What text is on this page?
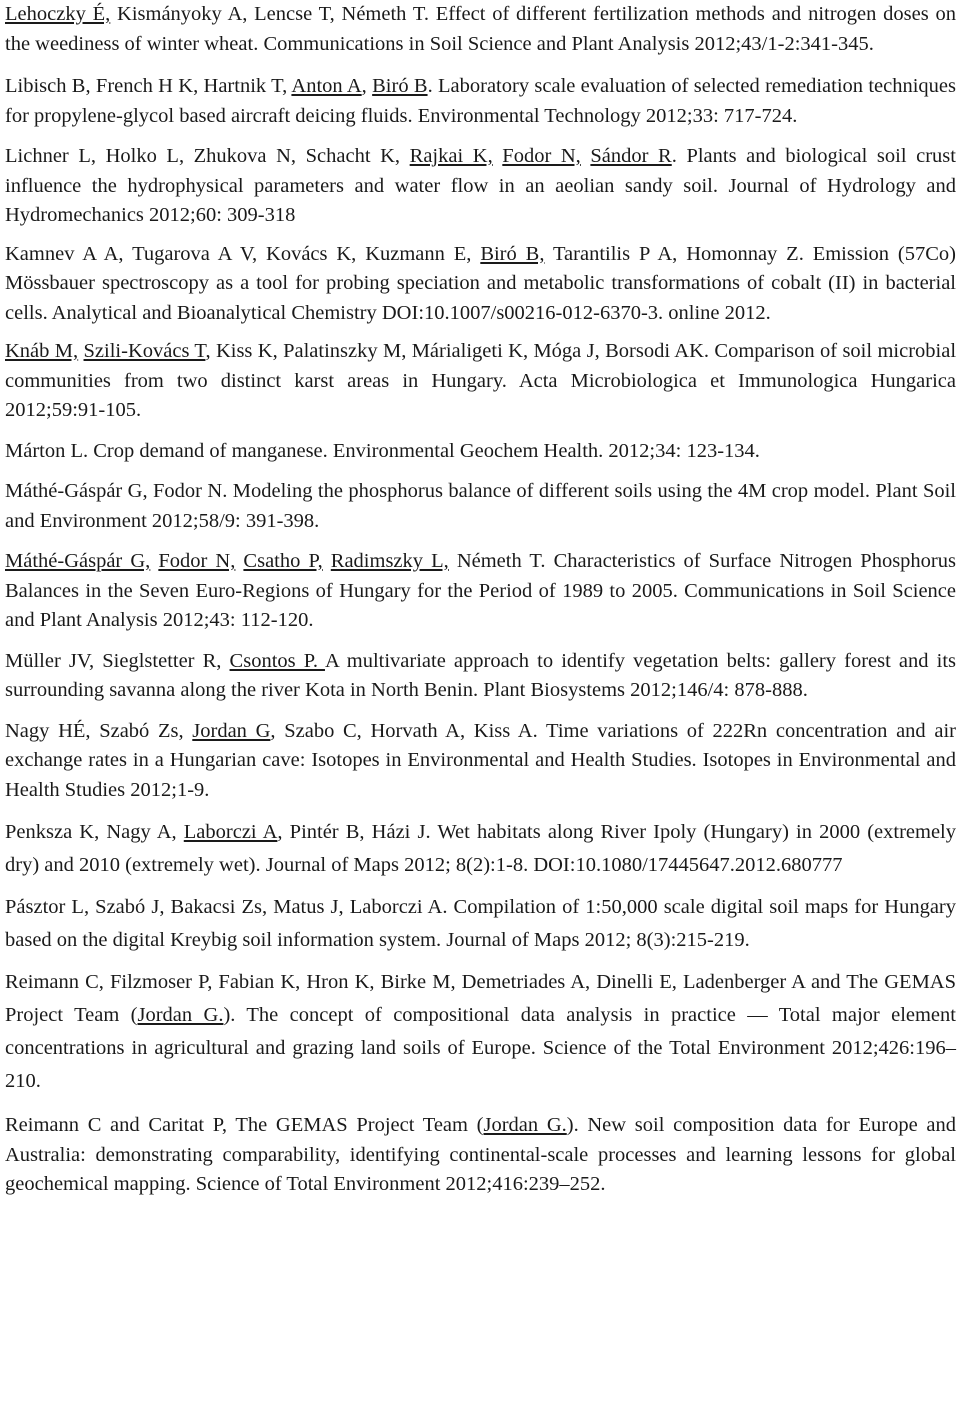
Lehoczky É, Kismányoky A, Lencse T, Németh T. Effect of different fertilization methods and nitrogen doses on the weediness of winter wheat. Communications in Soil Science and Plant Analysis 2012;43/1-2:341-345.

Libisch B, French H K, Hartnik T, Anton A, Biró B. Laboratory scale evaluation of selected remediation techniques for propylene-glycol based aircraft deicing fluids. Environmental Technology 2012;33: 717-724.

Lichner L, Holko L, Zhukova N, Schacht K, Rajkai K, Fodor N, Sándor R. Plants and biological soil crust influence the hydrophysical parameters and water flow in an aeolian sandy soil. Journal of Hydrology and Hydromechanics 2012;60: 309-318

Kamnev A A, Tugarova A V, Kovács K, Kuzmann E, Biró B, Tarantilis P A, Homonnay Z. Emission (57Co) Mössbauer spectroscopy as a tool for probing speciation and metabolic transformations of cobalt (II) in bacterial cells. Analytical and Bioanalytical Chemistry DOI:10.1007/s00216-012-6370-3. online 2012.

Knáb M, Szili-Kovács T, Kiss K, Palatinszky M, Márialigeti K, Móga J, Borsodi AK. Comparison of soil microbial communities from two distinct karst areas in Hungary. Acta Microbiologica et Immunologica Hungarica 2012;59:91-105.

Márton L. Crop demand of manganese. Environmental Geochem Health. 2012;34: 123-134.

Máthé-Gáspár G, Fodor N. Modeling the phosphorus balance of different soils using the 4M crop model. Plant Soil and Environment 2012;58/9: 391-398.

Máthé-Gáspár G, Fodor N, Csatho P, Radimszky L, Németh T. Characteristics of Surface Nitrogen Phosphorus Balances in the Seven Euro-Regions of Hungary for the Period of 1989 to 2005. Communications in Soil Science and Plant Analysis 2012;43: 112-120.

Müller JV, Sieglstetter R, Csontos P. A multivariate approach to identify vegetation belts: gallery forest and its surrounding savanna along the river Kota in North Benin. Plant Biosystems 2012;146/4: 878-888.

Nagy HÉ, Szabó Zs, Jordan G, Szabo C, Horvath A, Kiss A. Time variations of 222Rn concentration and air exchange rates in a Hungarian cave: Isotopes in Environmental and Health Studies. Isotopes in Environmental and Health Studies 2012;1-9.

Penksza K, Nagy A, Laborczi A, Pintér B, Házi J. Wet habitats along River Ipoly (Hungary) in 2000 (extremely dry) and 2010 (extremely wet). Journal of Maps 2012; 8(2):1-8. DOI:10.1080/17445647.2012.680777

Pásztor L, Szabó J, Bakacsi Zs, Matus J, Laborczi A. Compilation of 1:50,000 scale digital soil maps for Hungary based on the digital Kreybig soil information system. Journal of Maps 2012; 8(3):215-219.

Reimann C, Filzmoser P, Fabian K, Hron K, Birke M, Demetriades A, Dinelli E, Ladenberger A and The GEMAS Project Team (Jordan G.). The concept of compositional data analysis in practice — Total major element concentrations in agricultural and grazing land soils of Europe. Science of the Total Environment 2012;426:196–210.

Reimann C and Caritat P, The GEMAS Project Team (Jordan G.). New soil composition data for Europe and Australia: demonstrating comparability, identifying continental-scale processes and learning lessons for global geochemical mapping. Science of Total Environment 2012;416:239–252.
